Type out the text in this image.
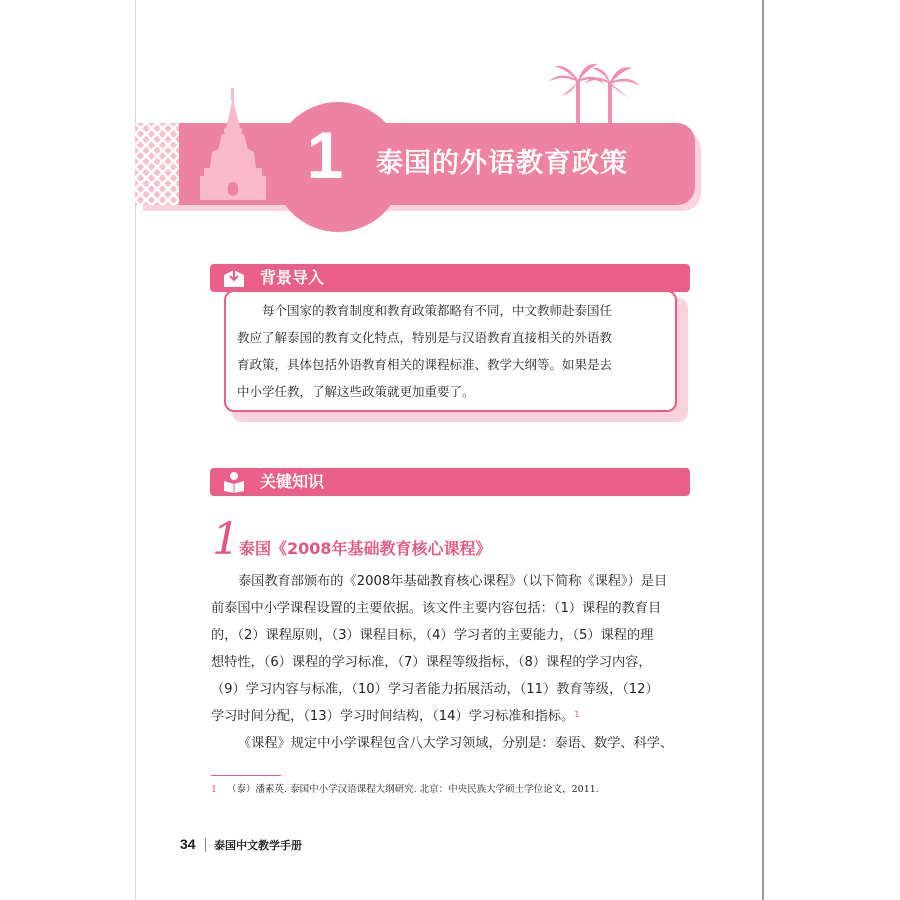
1	泰国的外语教育政策
背景导入
每个国家的教育制度和教育政策都略有不同，中文教师赴泰国任
教应了解泰国的教育文化特点，特别是与汉语教育直接相关的外语教
育政策，具体包括外语教育相关的课程标准、教学大纲等。如果是去
中小学任教，了解这些政策就更加重要了。
关键知识
1 泰国《2008年基础教育核心课程》
泰国教育部颁布的《2008年基础教育核心课程》（以下简称《课程》）是目
前泰国中小学课程设置的主要依据。该文件主要内容包括：（1）课程的教育目
的，（2）课程原则，（3）课程目标，（4）学习者的主要能力，（5）课程的理
想特性，（6）课程的学习标准，（7）课程等级指标，（8）课程的学习内容，
（9）学习内容与标准，（10）学习者能力拓展活动，（11）教育等级，（12）
学习时间分配，（13）学习时间结构，（14）学习标准和指标。$^1$
《课程》规定中小学课程包含八大学习领域，分别是：泰语、数学、科学、
1 （泰）潘素英. 泰国中小学汉语课程大纲研究. 北京：中央民族大学硕士学位论文，2011.
34 泰国中文教学手册
